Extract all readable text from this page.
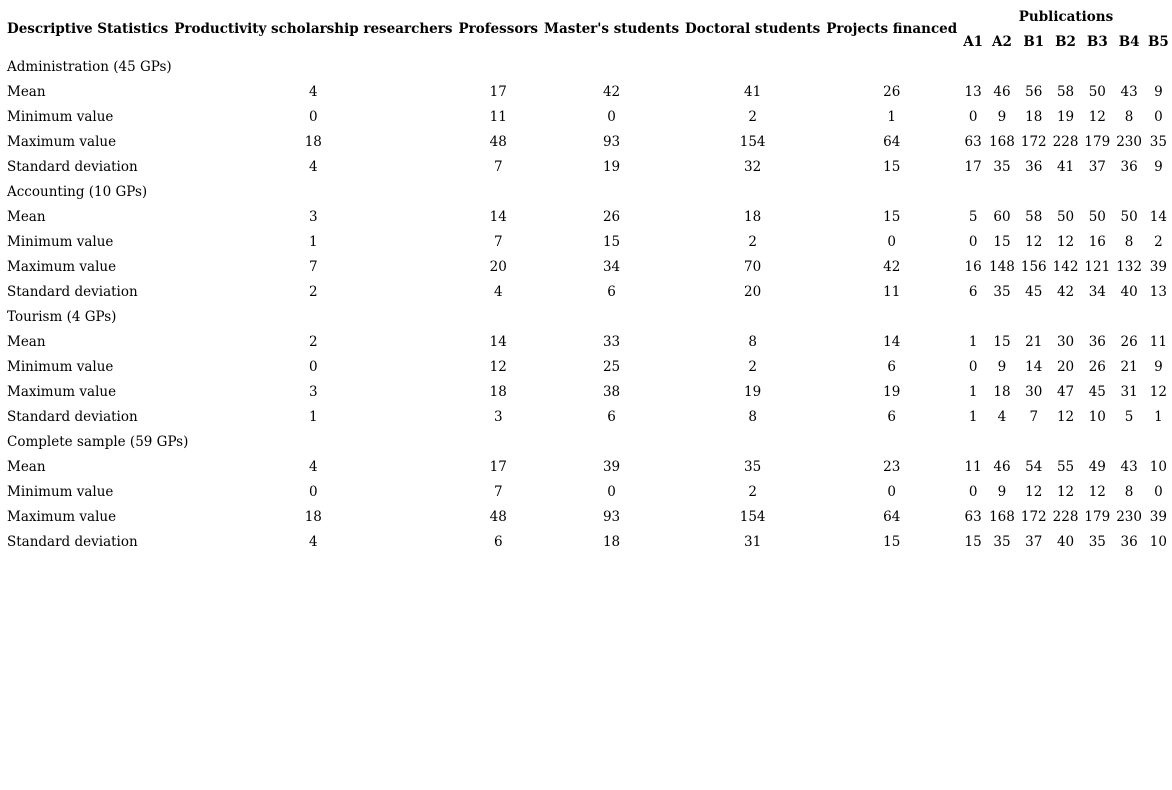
Descriptive Statistics	Productivity scholarship researchers	Professors	Master's students	Doctoral students	Projects financed	Publications						
						A1	A2	B1	B2	B3	B4	B5
Administration (45 GPs)												
Mean	4	17	42	41	26	13	46	56	58	50	43	9
Minimum value	0	11	0	2	1	0	9	18	19	12	8	0
Maximum value	18	48	93	154	64	63	168	172	228	179	230	35
Standard deviation	4	7	19	32	15	17	35	36	41	37	36	9
Accounting (10 GPs)												
Mean	3	14	26	18	15	5	60	58	50	50	50	14
Minimum value	1	7	15	2	0	0	15	12	12	16	8	2
Maximum value	7	20	34	70	42	16	148	156	142	121	132	39
Standard deviation	2	4	6	20	11	6	35	45	42	34	40	13
Tourism (4 GPs)												
Mean	2	14	33	8	14	1	15	21	30	36	26	11
Minimum value	0	12	25	2	6	0	9	14	20	26	21	9
Maximum value	3	18	38	19	19	1	18	30	47	45	31	12
Standard deviation	1	3	6	8	6	1	4	7	12	10	5	1
Complete sample (59 GPs)												
Mean	4	17	39	35	23	11	46	54	55	49	43	10
Minimum value	0	7	0	2	0	0	9	12	12	12	8	0
Maximum value	18	48	93	154	64	63	168	172	228	179	230	39
Standard deviation	4	6	18	31	15	15	35	37	40	35	36	10
